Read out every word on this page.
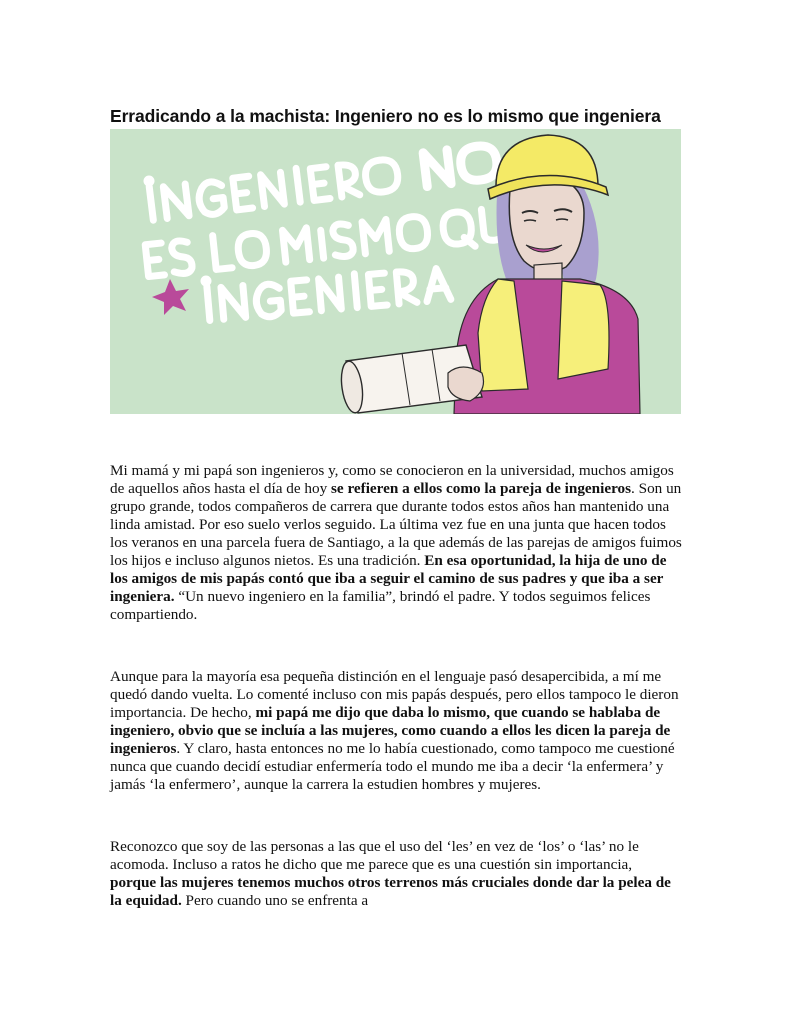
Erradicando a la machista: Ingeniero no es lo mismo que ingeniera
Mi mamá y mi papá son ingenieros y, como se conocieron en la universidad, muchos amigos de aquellos años hasta el día de hoy se refieren a ellos como la pareja de ingenieros. Son un grupo grande, todos compañeros de carrera que durante todos estos años han mantenido una linda amistad. Por eso suelo verlos seguido. La última vez fue en una junta que hacen todos los veranos en una parcela fuera de Santiago, a la que además de las parejas de amigos fuimos los hijos e incluso algunos nietos. Es una tradición. En esa oportunidad, la hija de uno de los amigos de mis papás contó que iba a seguir el camino de sus padres y que iba a ser ingeniera. “Un nuevo ingeniero en la familia”, brindó el padre. Y todos seguimos felices compartiendo.
Aunque para la mayoría esa pequeña distinción en el lenguaje pasó desapercibida, a mí me quedó dando vuelta. Lo comenté incluso con mis papás después, pero ellos tampoco le dieron importancia. De hecho, mi papá me dijo que daba lo mismo, que cuando se hablaba de ingeniero, obvio que se incluía a las mujeres, como cuando a ellos les dicen la pareja de ingenieros. Y claro, hasta entonces no me lo había cuestionado, como tampoco me cuestioné nunca que cuando decidí estudiar enfermería todo el mundo me iba a decir ‘la enfermera’ y jamás ‘la enfermero’, aunque la carrera la estudien hombres y mujeres.
Reconozco que soy de las personas a las que el uso del ‘les’ en vez de ‘los’ o ‘las’ no le acomoda. Incluso a ratos he dicho que me parece que es una cuestión sin importancia, porque las mujeres tenemos muchos otros terrenos más cruciales donde dar la pelea de la equidad. Pero cuando uno se enfrenta a
